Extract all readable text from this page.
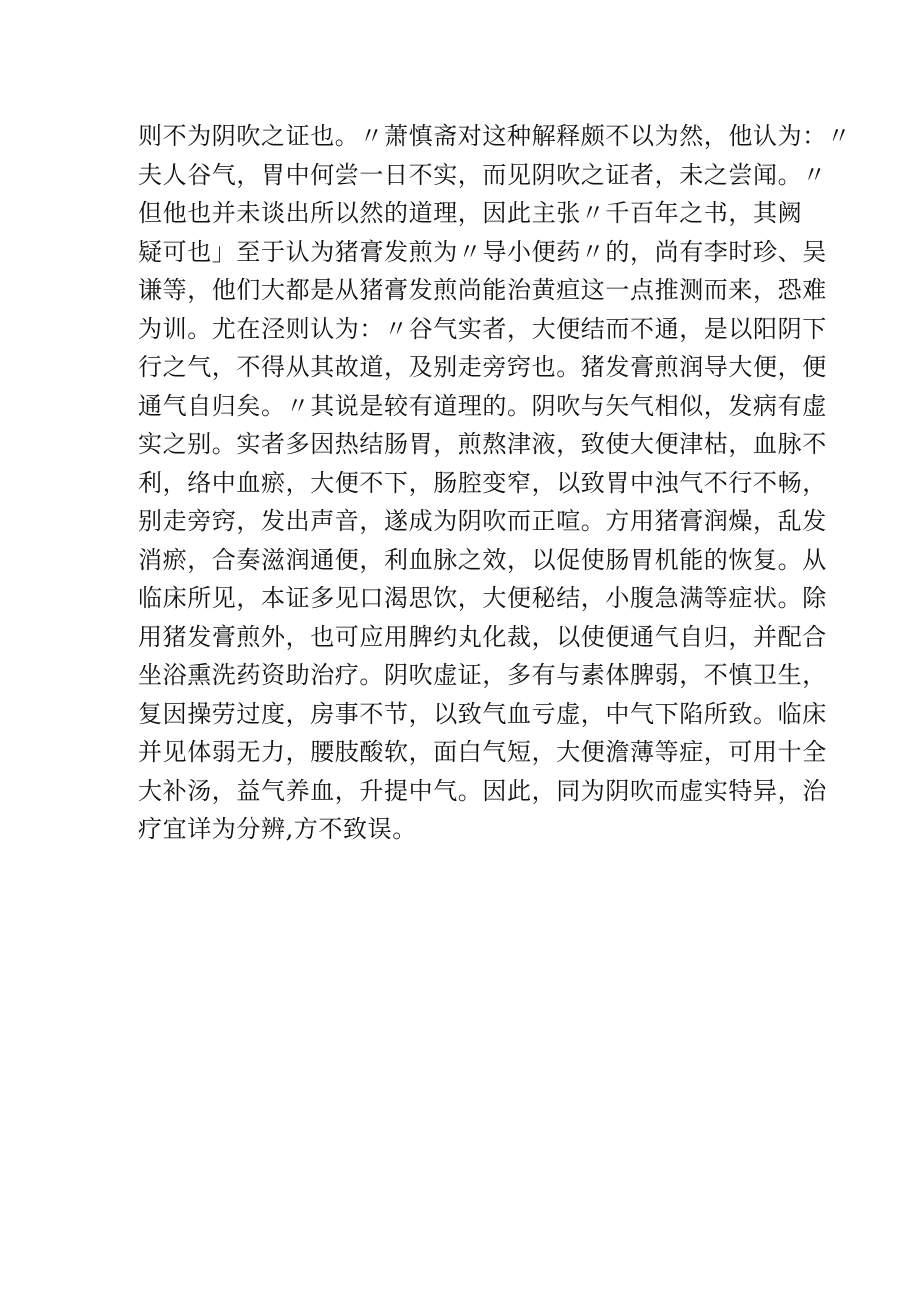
则不为阴吹之证也。〃萧慎斋对这种解释颇不以为然，他认为：〃
夫人谷气，胃中何尝一日不实，而见阴吹之证者，未之尝闻。〃
但他也并未谈出所以然的道理，因此主张〃千百年之书，其阙
疑可也」至于认为猪膏发煎为〃导小便药〃的，尚有李时珍、吴
谦等，他们大都是从猪膏发煎尚能治黄疸这一点推测而来，恐难
为训。尤在泾则认为：〃谷气实者，大便结而不通，是以阳阴下
行之气，不得从其故道，及别走旁窍也。猪发膏煎润导大便，便
通气自归矣。〃其说是较有道理的。阴吹与矢气相似，发病有虚
实之别。实者多因热结肠胃，煎熬津液，致使大便津枯，血脉不
利，络中血瘀，大便不下，肠腔变窄，以致胃中浊气不行不畅，
别走旁窍，发出声音，遂成为阴吹而正喧。方用猪膏润燥，乱发
消瘀，合奏滋润通便，利血脉之效，以促使肠胃机能的恢复。从
临床所见，本证多见口渴思饮，大便秘结，小腹急满等症状。除
用猪发膏煎外，也可应用脾约丸化裁，以使便通气自归，并配合
坐浴熏洗药资助治疗。阴吹虚证，多有与素体脾弱，不慎卫生，
复因操劳过度，房事不节，以致气血亏虚，中气下陷所致。临床
并见体弱无力，腰肢酸软，面白气短，大便澹薄等症，可用十全
大补汤，益气养血，升提中气。因此，同为阴吹而虚实特异，治
疗宜详为分辨,方不致误。
